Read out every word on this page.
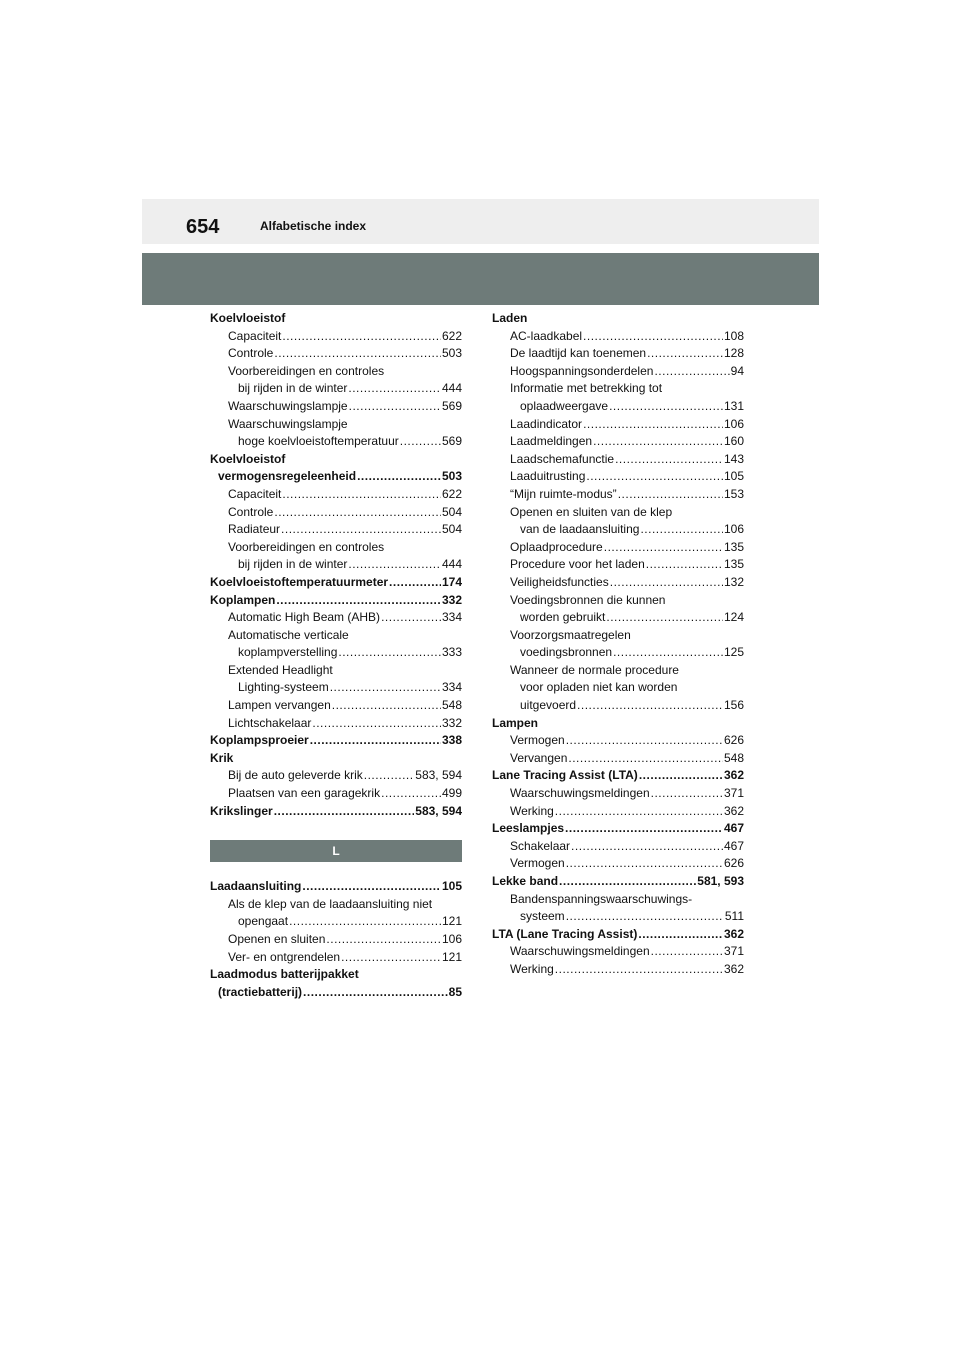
654	Alfabetische index
Koelvloeistof
Capaciteit .....	622
Controle .....	503
Voorbereidingen en controles
bij rijden in de winter .....	444
Waarschuwingslampje .....	569
Waarschuwingslampje
hoge koelvloeistoftemperatuur .....	569
Koelvloeistof
vermogensregeleenheid .....	503
Capaciteit .....	622
Controle .....	504
Radiateur .....	504
Voorbereidingen en controles
bij rijden in de winter .....	444
Koelvloeistoftemperatuurmeter .....	174
Koplampen .....	332
Automatic High Beam (AHB) .....	334
Automatische verticale
koplampverstelling .....	333
Extended Headlight
Lighting-systeem .....	334
Lampen vervangen .....	548
Lichtschakelaar .....	332
Koplampsproeier .....	338
Krik
Bij de auto geleverde krik .....	583, 594
Plaatsen van een garagekrik .....	499
Krikslinger .....	583, 594
L
Laadaansluiting .....	105
Als de klep van de laadaansluiting niet
opengaat .....	121
Openen en sluiten .....	106
Ver- en ontgrendelen .....	121
Laadmodus batterijpakket
(tractiebatterij) .....	85
Laden
AC-laadkabel .....	108
De laadtijd kan toenemen .....	128
Hoogspanningsonderdelen .....	94
Informatie met betrekking tot
oplaadweergave .....	131
Laadindicator .....	106
Laadmeldingen .....	160
Laadschemafunctie .....	143
Laaduitrusting .....	105
“Mijn ruimte-modus” .....	153
Openen en sluiten van de klep
van de laadaansluiting .....	106
Oplaadprocedure .....	135
Procedure voor het laden .....	135
Veiligheidsfuncties .....	132
Voedingsbronnen die kunnen
worden gebruikt .....	124
Voorzorgsmaatregelen
voedingsbronnen .....	125
Wanneer de normale procedure
voor opladen niet kan worden
uitgevoerd .....	156
Lampen
Vermogen .....	626
Vervangen .....	548
Lane Tracing Assist (LTA) .....	362
Waarschuwingsmeldingen .....	371
Werking .....	362
Leeslampjes .....	467
Schakelaar .....	467
Vermogen .....	626
Lekke band .....	581, 593
Bandenspanningswaarschuwings-
systeem .....	511
LTA (Lane Tracing Assist) .....	362
Waarschuwingsmeldingen .....	371
Werking .....	362
